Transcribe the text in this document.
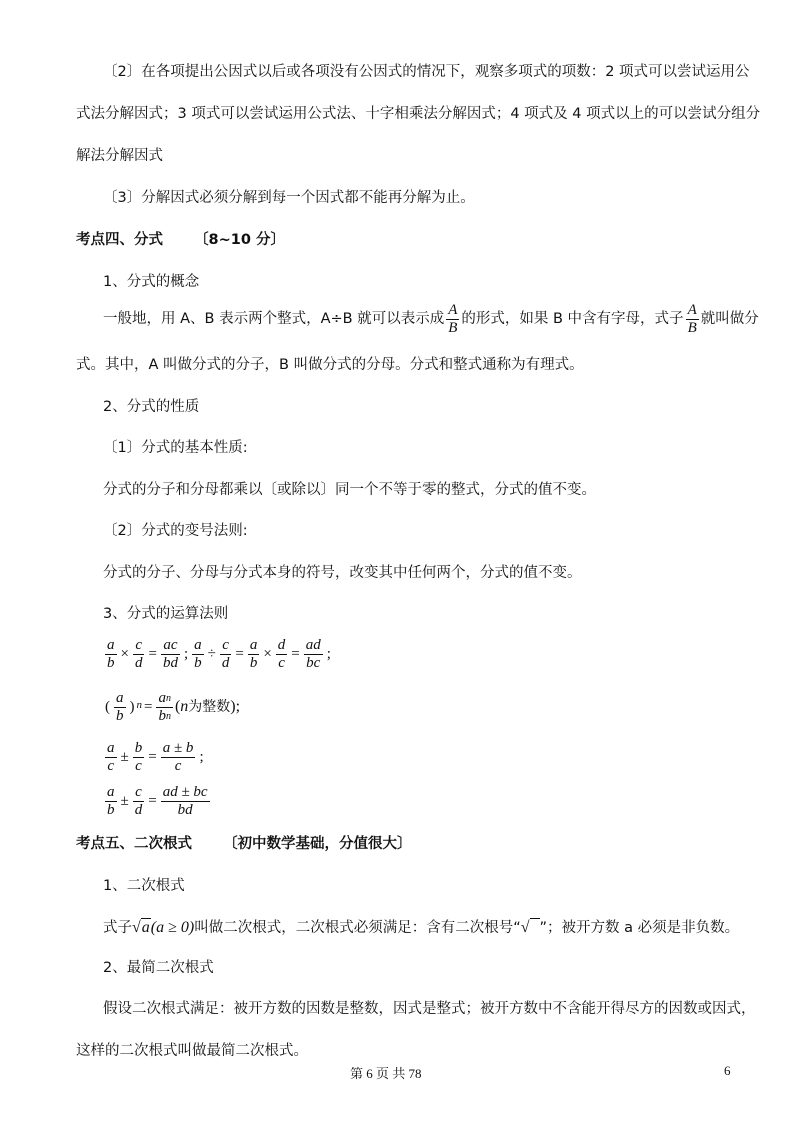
〔2〕在各项提出公因式以后或各项没有公因式的情况下，观察多项式的项数：2 项式可以尝试运用公
式法分解因式；3 项式可以尝试运用公式法、十字相乘法分解因式；4 项式及 4 项式以上的可以尝试分组分
解法分解因式
〔3〕分解因式必须分解到每一个因式都不能再分解为止。
考点四、分式 〔8~10 分〕
1、分式的概念
一般地，用 A、B 表示两个整式，A÷B 就可以表示成 $\frac{A}{B}$ 的形式，如果 B 中含有字母，式子 $\frac{A}{B}$ 就叫做分
式。其中，A 叫做分式的分子，B 叫做分式的分母。分式和整式通称为有理式。
2、分式的性质
〔1〕分式的基本性质:
分式的分子和分母都乘以〔或除以〕同一个不等于零的整式，分式的值不变。
〔2〕分式的变号法则:
分式的分子、分母与分式本身的符号，改变其中任何两个，分式的值不变。
3、分式的运算法则
$\frac{a}{b} \times \frac{c}{d} = \frac{ac}{bd}$ ; $\frac{a}{b} \div \frac{c}{d} = \frac{a}{b} \times \frac{d}{c} = \frac{ad}{bc}$ ;
( $\frac{a}{b}$ ) $^n = \frac{a^n}{b^n} (n$为整数);
$\frac{a}{c} \pm \frac{b}{c} = \frac{a \pm b}{c}$ ;
$\frac{a}{b} \pm \frac{c}{d} = \frac{ad \pm bc}{bd}$
考点五、二次根式 〔初中数学基础，分值很大〕
1、二次根式
式子√a(a ≥ 0)叫做二次根式，二次根式必须满足：含有二次根号“√ ”；被开方数 a 必须是非负数。
2、最简二次根式
假设二次根式满足：被开方数的因数是整数，因式是整式；被开方数中不含能开得尽方的因数或因式，
这样的二次根式叫做最简二次根式。
第 6 页 共 78	6
